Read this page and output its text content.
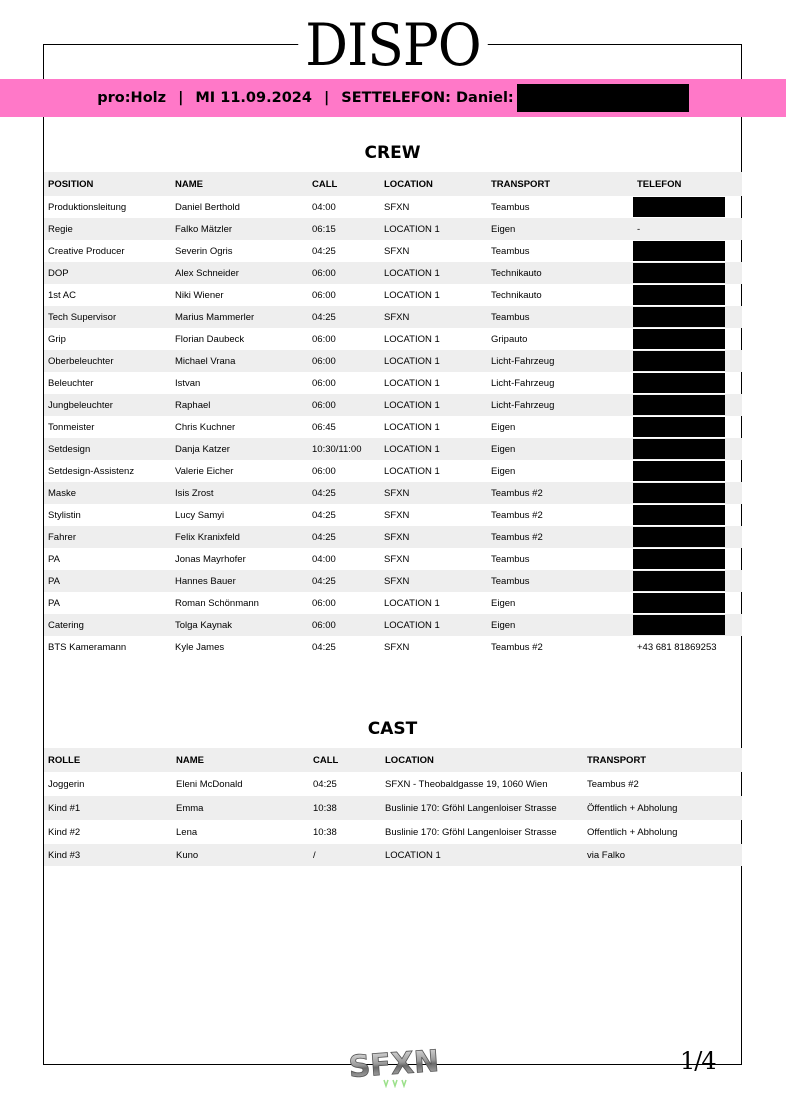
DISPO
pro:Holz | MI 11.09.2024 | SETTELEFON: Daniel:
CREW
POSITION	NAME	CALL	LOCATION	TRANSPORT	TELEFON
Produktionsleitung	Daniel Berthold	04:00	SFXN	Teambus	

Regie	Falko Mätzler	06:15	LOCATION 1	Eigen	-

Creative Producer	Severin Ogris	04:25	SFXN	Teambus	

DOP	Alex Schneider	06:00	LOCATION 1	Technikauto	

1st AC	Niki Wiener	06:00	LOCATION 1	Technikauto	

Tech Supervisor	Marius Mammerler	04:25	SFXN	Teambus	

Grip	Florian Daubeck	06:00	LOCATION 1	Gripauto	

Oberbeleuchter	Michael Vrana	06:00	LOCATION 1	Licht-Fahrzeug	

Beleuchter	Istvan	06:00	LOCATION 1	Licht-Fahrzeug	

Jungbeleuchter	Raphael	06:00	LOCATION 1	Licht-Fahrzeug	

Tonmeister	Chris Kuchner	06:45	LOCATION 1	Eigen	

Setdesign	Danja Katzer	10:30/11:00	LOCATION 1	Eigen	

Setdesign-Assistenz	Valerie Eicher	06:00	LOCATION 1	Eigen	

Maske	Isis Zrost	04:25	SFXN	Teambus #2	

Stylistin	Lucy Samyi	04:25	SFXN	Teambus #2	

Fahrer	Felix Kranixfeld	04:25	SFXN	Teambus #2	

PA	Jonas Mayrhofer	04:00	SFXN	Teambus	

PA	Hannes Bauer	04:25	SFXN	Teambus	

PA	Roman Schönmann	06:00	LOCATION 1	Eigen	

Catering	Tolga Kaynak	06:00	LOCATION 1	Eigen	

BTS Kameramann	Kyle James	04:25	SFXN	Teambus #2	+43 681 81869253
CAST
ROLLE	NAME	CALL	LOCATION	TRANSPORT
Joggerin	Eleni McDonald	04:25	SFXN - Theobaldgasse 19, 1060 Wien	Teambus #2
Kind #1	Emma	10:38	Buslinie 170: Gföhl Langenloiser Strasse	Öffentlich + Abholung
Kind #2	Lena	10:38	Buslinie 170: Gföhl Langenloiser Strasse	Offentlich + Abholung
Kind #3	Kuno	/	LOCATION 1	via Falko
SFXN	1/4
